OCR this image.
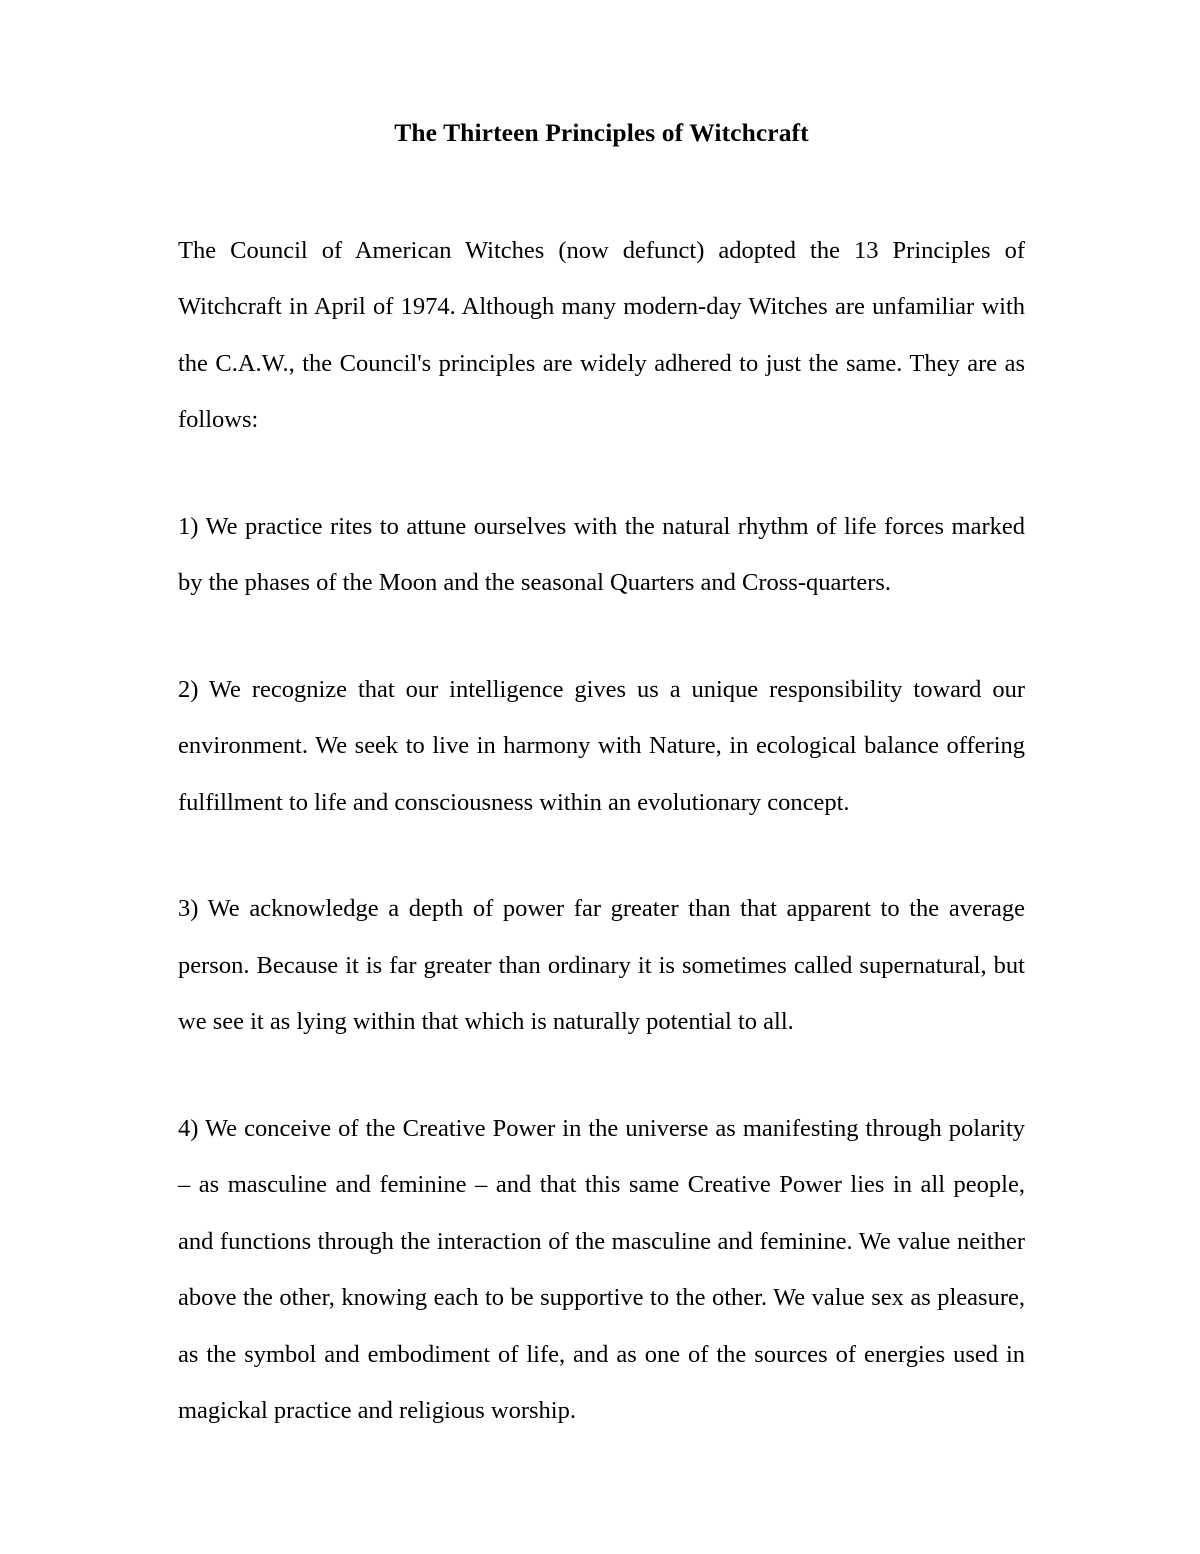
The Thirteen Principles of Witchcraft

The Council of American Witches (now defunct) adopted the 13 Principles of Witchcraft in April of 1974. Although many modern-day Witches are unfamiliar with the C.A.W., the Council's principles are widely adhered to just the same. They are as follows:

1) We practice rites to attune ourselves with the natural rhythm of life forces marked by the phases of the Moon and the seasonal Quarters and Cross-quarters.

2) We recognize that our intelligence gives us a unique responsibility toward our environment. We seek to live in harmony with Nature, in ecological balance offering fulfillment to life and consciousness within an evolutionary concept.

3) We acknowledge a depth of power far greater than that apparent to the average person. Because it is far greater than ordinary it is sometimes called supernatural, but we see it as lying within that which is naturally potential to all.

4) We conceive of the Creative Power in the universe as manifesting through polarity – as masculine and feminine – and that this same Creative Power lies in all people, and functions through the interaction of the masculine and feminine. We value neither above the other, knowing each to be supportive to the other. We value sex as pleasure, as the symbol and embodiment of life, and as one of the sources of energies used in magickal practice and religious worship.
